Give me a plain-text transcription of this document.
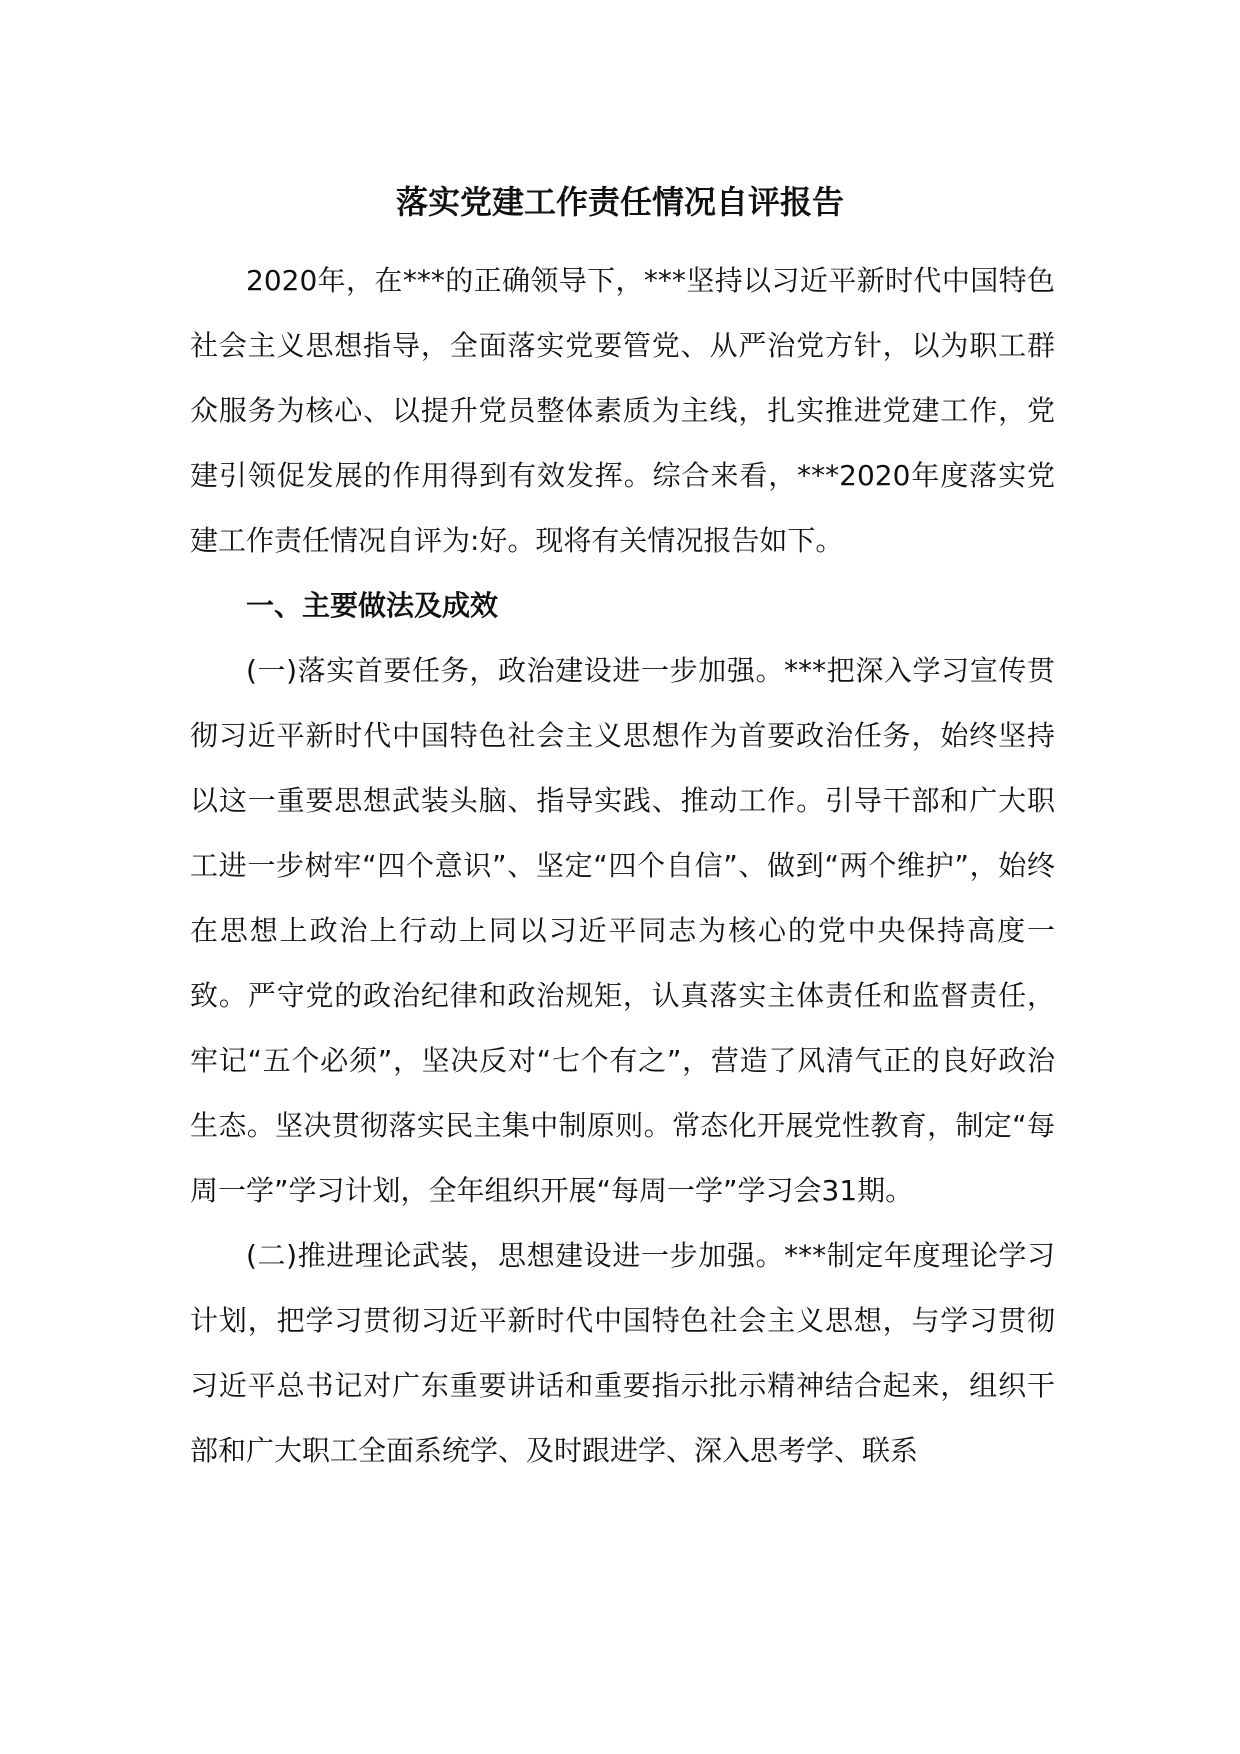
落实党建工作责任情况自评报告

2020年，在***的正确领导下，***坚持以习近平新时代中国特色社会主义思想指导，全面落实党要管党、从严治党方针，以为职工群众服务为核心、以提升党员整体素质为主线，扎实推进党建工作，党建引领促发展的作用得到有效发挥。综合来看，***2020年度落实党建工作责任情况自评为:好。现将有关情况报告如下。

一、主要做法及成效

(一)落实首要任务，政治建设进一步加强。***把深入学习宣传贯彻习近平新时代中国特色社会主义思想作为首要政治任务，始终坚持以这一重要思想武装头脑、指导实践、推动工作。引导干部和广大职工进一步树牢“四个意识”、坚定“四个自信”、做到“两个维护”，始终在思想上政治上行动上同以习近平同志为核心的党中央保持高度一致。严守党的政治纪律和政治规矩，认真落实主体责任和监督责任，牢记“五个必须”，坚决反对“七个有之”，营造了风清气正的良好政治生态。坚决贯彻落实民主集中制原则。常态化开展党性教育，制定“每周一学”学习计划，全年组织开展“每周一学”学习会31期。

(二)推进理论武装，思想建设进一步加强。***制定年度理论学习计划，把学习贯彻习近平新时代中国特色社会主义思想，与学习贯彻习近平总书记对广东重要讲话和重要指示批示精神结合起来，组织干部和广大职工全面系统学、及时跟进学、深入思考学、联系
